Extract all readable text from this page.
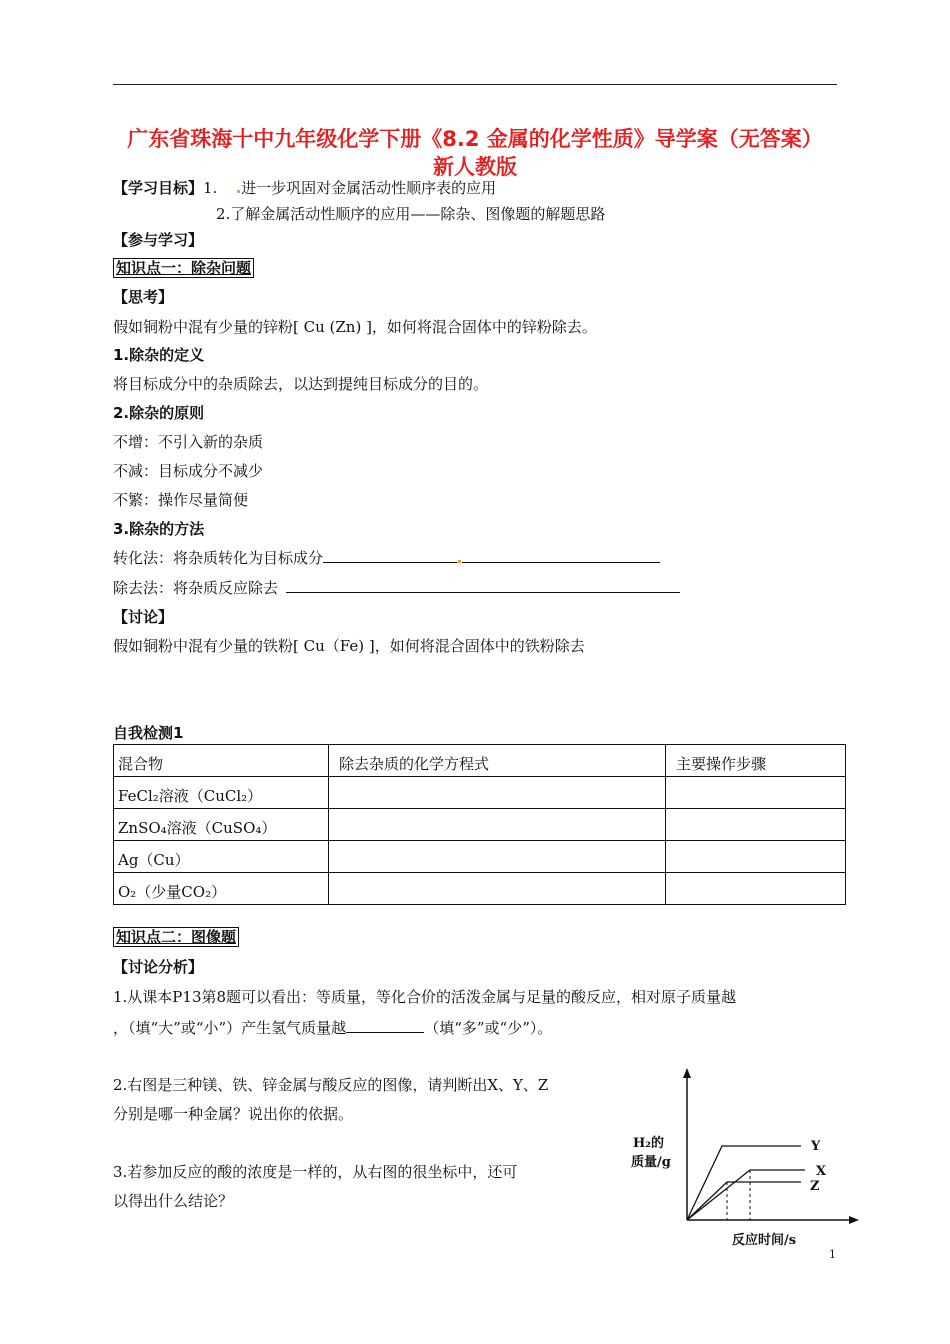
广东省珠海十中九年级化学下册《8.2 金属的化学性质》导学案（无答案）
新人教版
【学习目标】1. 进一步巩固对金属活动性顺序表的应用
2.了解金属活动性顺序的应用——除杂、图像题的解题思路
【参与学习】
知识点一：除杂问题
【思考】
假如铜粉中混有少量的锌粉[ Cu (Zn) ]，如何将混合固体中的锌粉除去。
1.除杂的定义
将目标成分中的杂质除去，以达到提纯目标成分的目的。
2.除杂的原则
不增：不引入新的杂质
不减：目标成分不减少
不繁：操作尽量简便
3.除杂的方法
转化法：将杂质转化为目标成分
除去法：将杂质反应除去
【讨论】
假如铜粉中混有少量的铁粉[ Cu（Fe) ]，如何将混合固体中的铁粉除去
自我检测1
混合物	除去杂质的化学方程式	主要操作步骤
FeCl₂溶液（CuCl₂）		
ZnSO₄溶液（CuSO₄）		
Ag（Cu）		
O₂（少量CO₂）		
知识点二：图像题
【讨论分析】
1.从课本P13第8题可以看出：等质量，等化合价的活泼金属与足量的酸反应，相对原子质量越
，（填“大”或“小”）产生氢气质量越	（填“多”或“少”）。
2.右图是三种镁、铁、锌金属与酸反应的图像，请判断出X、Y、Z
分别是哪一种金属？说出你的依据。
3.若参加反应的酸的浓度是一样的，从右图的很坐标中，还可
以得出什么结论？
Y
X
Z
H₂的
质量/g
反应时间/s
1
